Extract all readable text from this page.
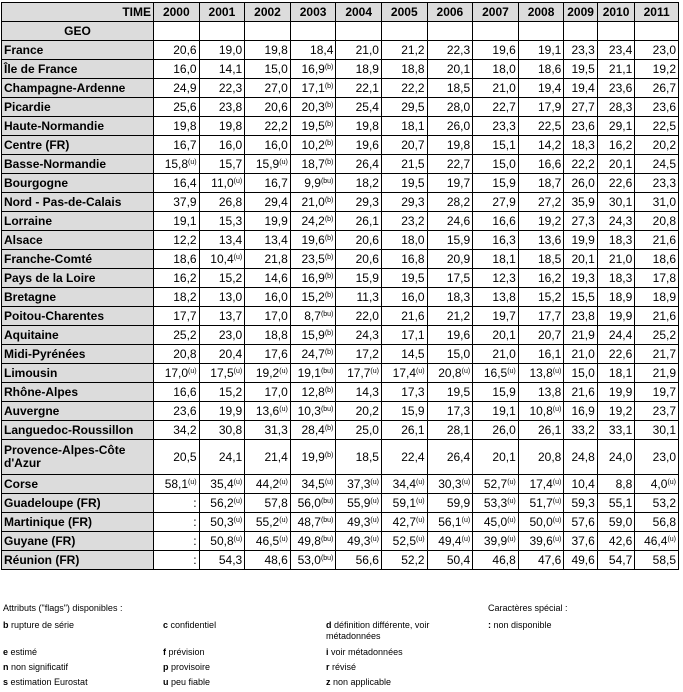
TIME	2000	2001	2002	2003	2004	2005	2006	2007	2008	2009	2010	2011
GEO												
France	20,6	19,0	19,8	18,4	21,0	21,2	22,3	19,6	19,1	23,3	23,4	23,0
Île de France	16,0	14,1	15,0	16,9$^{(b)}$	18,9	18,8	20,1	18,0	18,6	19,5	21,1	19,2
Champagne-Ardenne	24,9	22,3	27,0	17,1$^{(b)}$	22,1	22,2	18,5	21,0	19,4	19,4	23,6	26,7
Picardie	25,6	23,8	20,6	20,3$^{(b)}$	25,4	29,5	28,0	22,7	17,9	27,7	28,3	23,6
Haute-Normandie	19,8	19,8	22,2	19,5$^{(b)}$	19,8	18,1	26,0	23,3	22,5	23,6	29,1	22,5
Centre (FR)	16,7	16,0	16,0	10,2$^{(b)}$	19,6	20,7	19,8	15,1	14,2	18,3	16,2	20,2
Basse-Normandie	15,8$^{(u)}$	15,7	15,9$^{(u)}$	18,7$^{(b)}$	26,4	21,5	22,7	15,0	16,6	22,2	20,1	24,5
Bourgogne	16,4	11,0$^{(u)}$	16,7	$9,9^{(bu)}$	18,2	19,5	19,7	15,9	18,7	26,0	22,6	23,3
Nord - Pas-de-Calais	37,9	26,8	29,4	21,0$^{(b)}$	29,3	29,3	28,2	27,9	27,2	35,9	30,1	31,0
Lorraine	19,1	15,3	19,9	24,2$^{(b)}$	26,1	23,2	24,6	16,6	19,2	27,3	24,3	20,8
Alsace	12,2	13,4	13,4	19,6$^{(b)}$	20,6	18,0	15,9	16,3	13,6	19,9	18,3	21,6
Franche-Comté	18,6	10,4$^{(u)}$	21,8	23,5$^{(b)}$	20,6	16,8	20,9	18,1	18,5	20,1	21,0	18,6
Pays de la Loire	16,2	15,2	14,6	16,9$^{(b)}$	15,9	19,5	17,5	12,3	16,2	19,3	18,3	17,8
Bretagne	18,2	13,0	16,0	15,2$^{(b)}$	11,3	16,0	18,3	13,8	15,2	15,5	18,9	18,9
Poitou-Charentes	17,7	13,7	17,0	$8,7^{(bu)}$	22,0	21,6	21,2	19,7	17,7	23,8	19,9	21,6
Aquitaine	25,2	23,0	18,8	15,9$^{(b)}$	24,3	17,1	19,6	20,1	20,7	21,9	24,4	25,2
Midi-Pyrénées	20,8	20,4	17,6	24,7$^{(b)}$	17,2	14,5	15,0	21,0	16,1	21,0	22,6	21,7
Limousin	17,0$^{(u)}$	17,5$^{(u)}$	19,2$^{(u)}$	$19,1^{(bu)}$	17,7$^{(u)}$	17,4$^{(u)}$	20,8$^{(u)}$	16,5$^{(u)}$	13,8$^{(u)}$	15,0	18,1	21,9
Rhône-Alpes	16,6	15,2	17,0	12,8$^{(b)}$	14,3	17,3	19,5	15,9	13,8	21,6	19,9	19,7
Auvergne	23,6	19,9	13,6$^{(u)}$	$10,3^{(bu)}$	20,2	15,9	17,3	19,1	10,8$^{(u)}$	16,9	19,2	23,7
Languedoc-Roussillon	34,2	30,8	31,3	28,4$^{(b)}$	25,0	26,1	28,1	26,0	26,1	33,2	33,1	30,1
Provence-Alpes-Côte d'Azur	20,5	24,1	21,4	19,9$^{(b)}$	18,5	22,4	26,4	20,1	20,8	24,8	24,0	23,0
Corse	58,1$^{(u)}$	35,4$^{(u)}$	44,2$^{(u)}$	34,5$^{(u)}$	37,3$^{(u)}$	34,4$^{(u)}$	30,3$^{(u)}$	52,7$^{(u)}$	17,4$^{(u)}$	10,4	8,8	4,0$^{(u)}$
Guadeloupe (FR)	:	56,2$^{(u)}$	57,8	$56,0^{(bu)}$	55,9$^{(u)}$	59,1$^{(u)}$	59,9	53,3$^{(u)}$	51,7$^{(u)}$	59,3	55,1	53,2
Martinique (FR)	:	50,3$^{(u)}$	55,2$^{(u)}$	$48,7^{(bu)}$	49,3$^{(u)}$	42,7$^{(u)}$	56,1$^{(u)}$	45,0$^{(u)}$	50,0$^{(u)}$	57,6	59,0	56,8
Guyane (FR)	:	50,8$^{(u)}$	46,5$^{(u)}$	$49,8^{(bu)}$	49,3$^{(u)}$	52,5$^{(u)}$	49,4$^{(u)}$	39,9$^{(u)}$	39,6$^{(u)}$	37,6	42,6	46,4$^{(u)}$
Réunion (FR)	:	54,3	48,6	$53,0^{(bu)}$	56,6	52,2	50,4	46,8	47,6	49,6	54,7	58,5
Attributs ("flags") disponibles :	Caractères spécial :
b rupture de série	c confidentiel	d définition différente, voir
métadonnées
e estimé	f prévision	i voir métadonnées
n non significatif	p provisoire	r révisé
s estimation Eurostat	u peu fiable	z non applicable
: non disponible
